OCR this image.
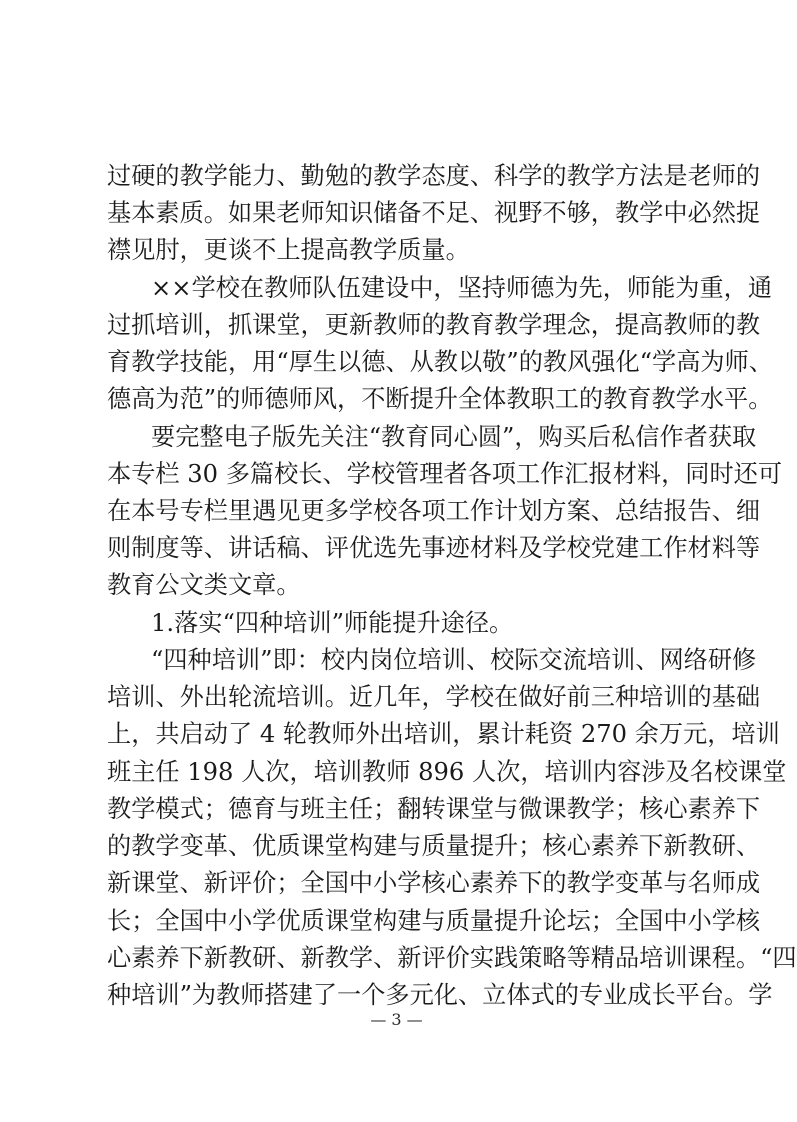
过硬的教学能力、勤勉的教学态度、科学的教学方法是老师的
基本素质。如果老师知识储备不足、视野不够，教学中必然捉
襟见肘，更谈不上提高教学质量。
××学校在教师队伍建设中，坚持师德为先，师能为重，通
过抓培训，抓课堂，更新教师的教育教学理念，提高教师的教
育教学技能，用“厚生以德、从教以敬”的教风强化“学高为师、
德高为范”的师德师风，不断提升全体教职工的教育教学水平。
要完整电子版先关注“教育同心圆”，购买后私信作者获取
本专栏 30 多篇校长、学校管理者各项工作汇报材料，同时还可
在本号专栏里遇见更多学校各项工作计划方案、总结报告、细
则制度等、讲话稿、评优选先事迹材料及学校党建工作材料等
教育公文类文章。
1.落实“四种培训”师能提升途径。
“四种培训”即：校内岗位培训、校际交流培训、网络研修
培训、外出轮流培训。近几年，学校在做好前三种培训的基础
上，共启动了 4 轮教师外出培训，累计耗资 270 余万元，培训
班主任 198 人次，培训教师 896 人次，培训内容涉及名校课堂
教学模式；德育与班主任；翻转课堂与微课教学；核心素养下
的教学变革、优质课堂构建与质量提升；核心素养下新教研、
新课堂、新评价；全国中小学核心素养下的教学变革与名师成
长；全国中小学优质课堂构建与质量提升论坛；全国中小学核
心素养下新教研、新教学、新评价实践策略等精品培训课程。“四
种培训”为教师搭建了一个多元化、立体式的专业成长平台。学
— 3 —
